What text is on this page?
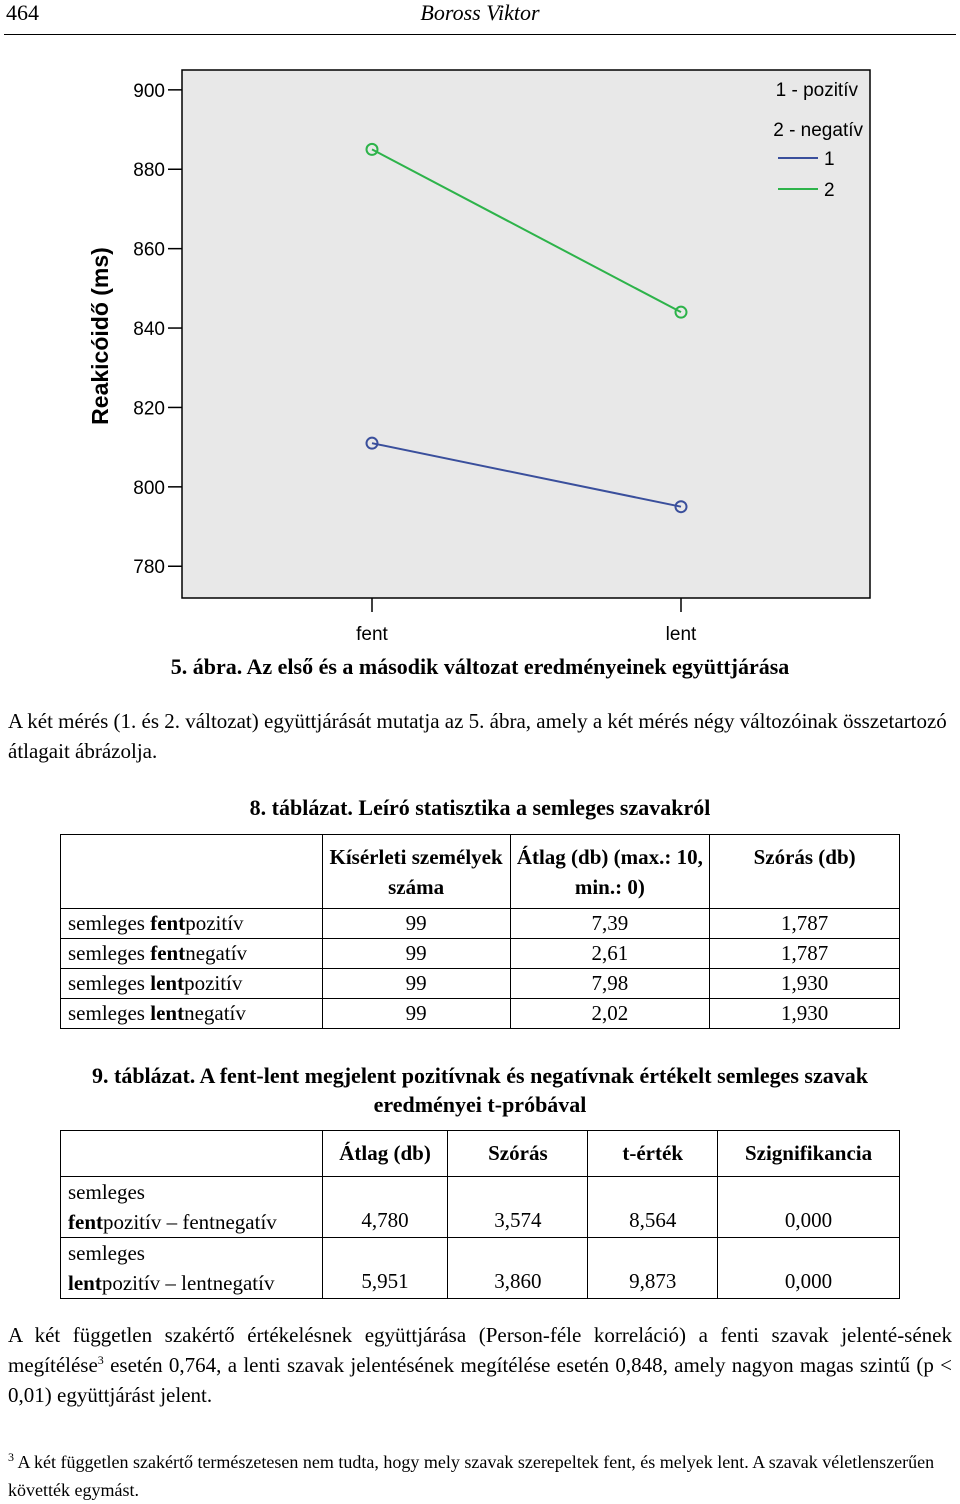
464	Boross Viktor
780
800
820
840
860
880
900
Reakicóidő (ms)
fent	lent
1 - pozitív
2 - negatív
1
2
5. ábra. Az első és a második változat eredményeinek együttjárása
A két mérés (1. és 2. változat) együttjárását mutatja az 5. ábra, amely a két mérés négy változóinak összetartozó átlagait ábrázolja.
8. táblázat. Leíró statisztika a semleges szavakról
	Kísérleti személyek száma	Átlag (db) (max.: 10, min.: 0)	Szórás (db)
semleges fentpozitív	99	7,39	1,787
semleges fentnegatív	99	2,61	1,787
semleges lentpozitív	99	7,98	1,930
semleges lentnegatív	99	2,02	1,930
9. táblázat. A fent-lent megjelent pozitívnak és negatívnak értékelt semleges szavak
eredményei t-próbával
	Átlag (db)	Szórás	t-érték	Szignifikancia
semleges
fentpozitív – fentnegatív	4,780	3,574	8,564	0,000
semleges
lentpozitív – lentnegatív	5,951	3,860	9,873	0,000
A két független szakértő értékelésnek együttjárása (Person-féle korreláció) a fenti szavak jelenté-sének megítélése$^3$ esetén 0,764, a lenti szavak jelentésének megítélése esetén 0,848, amely nagyon magas szintű (p < 0,01) együttjárást jelent.
$^3$ A két független szakértő természetesen nem tudta, hogy mely szavak szerepeltek fent, és melyek lent. A szavak véletlenszerűen követték egymást.
